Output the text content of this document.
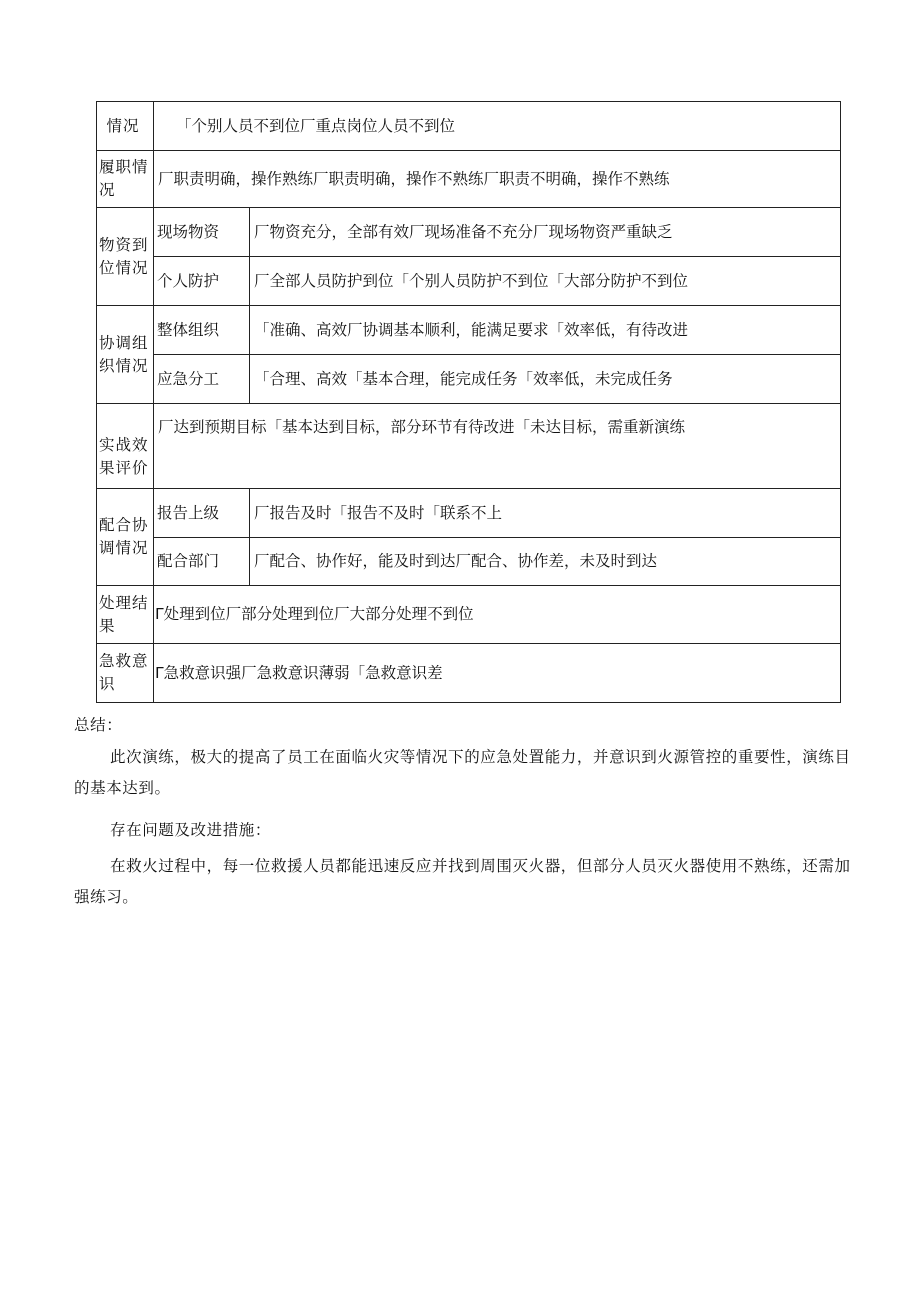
情况	「个别人员不到位厂重点岗位人员不到位	
履职情况	厂职责明确，操作熟练厂职责明确，操作不熟练厂职责不明确，操作不熟练	
物资到位情况	现场物资	厂物资充分，全部有效厂现场准备不充分厂现场物资严重缺乏
	个人防护	厂全部人员防护到位「个别人员防护不到位「大部分防护不到位
协调组织情况	整体组织	「准确、高效厂协调基本顺利，能满足要求「效率低，有待改进
	应急分工	「合理、高效「基本合理，能完成任务「效率低，未完成任务
实战效果评价	厂达到预期目标「基本达到目标，部分环节有待改进「未达目标，需重新演练	
配合协调情况	报告上级	厂报告及时「报告不及时「联系不上
	配合部门	厂配合、协作好，能及时到达厂配合、协作差，未及时到达
处理结果	Γ处理到位厂部分处理到位厂大部分处理不到位	
急救意识	Γ急救意识强厂急救意识薄弱「急救意识差	

总结：

此次演练，极大的提高了员工在面临火灾等情况下的应急处置能力，并意识到火源管控的重要性，演练目的基本达到。

存在问题及改进措施：

在救火过程中，每一位救援人员都能迅速反应并找到周围灭火器，但部分人员灭火器使用不熟练，还需加强练习。
